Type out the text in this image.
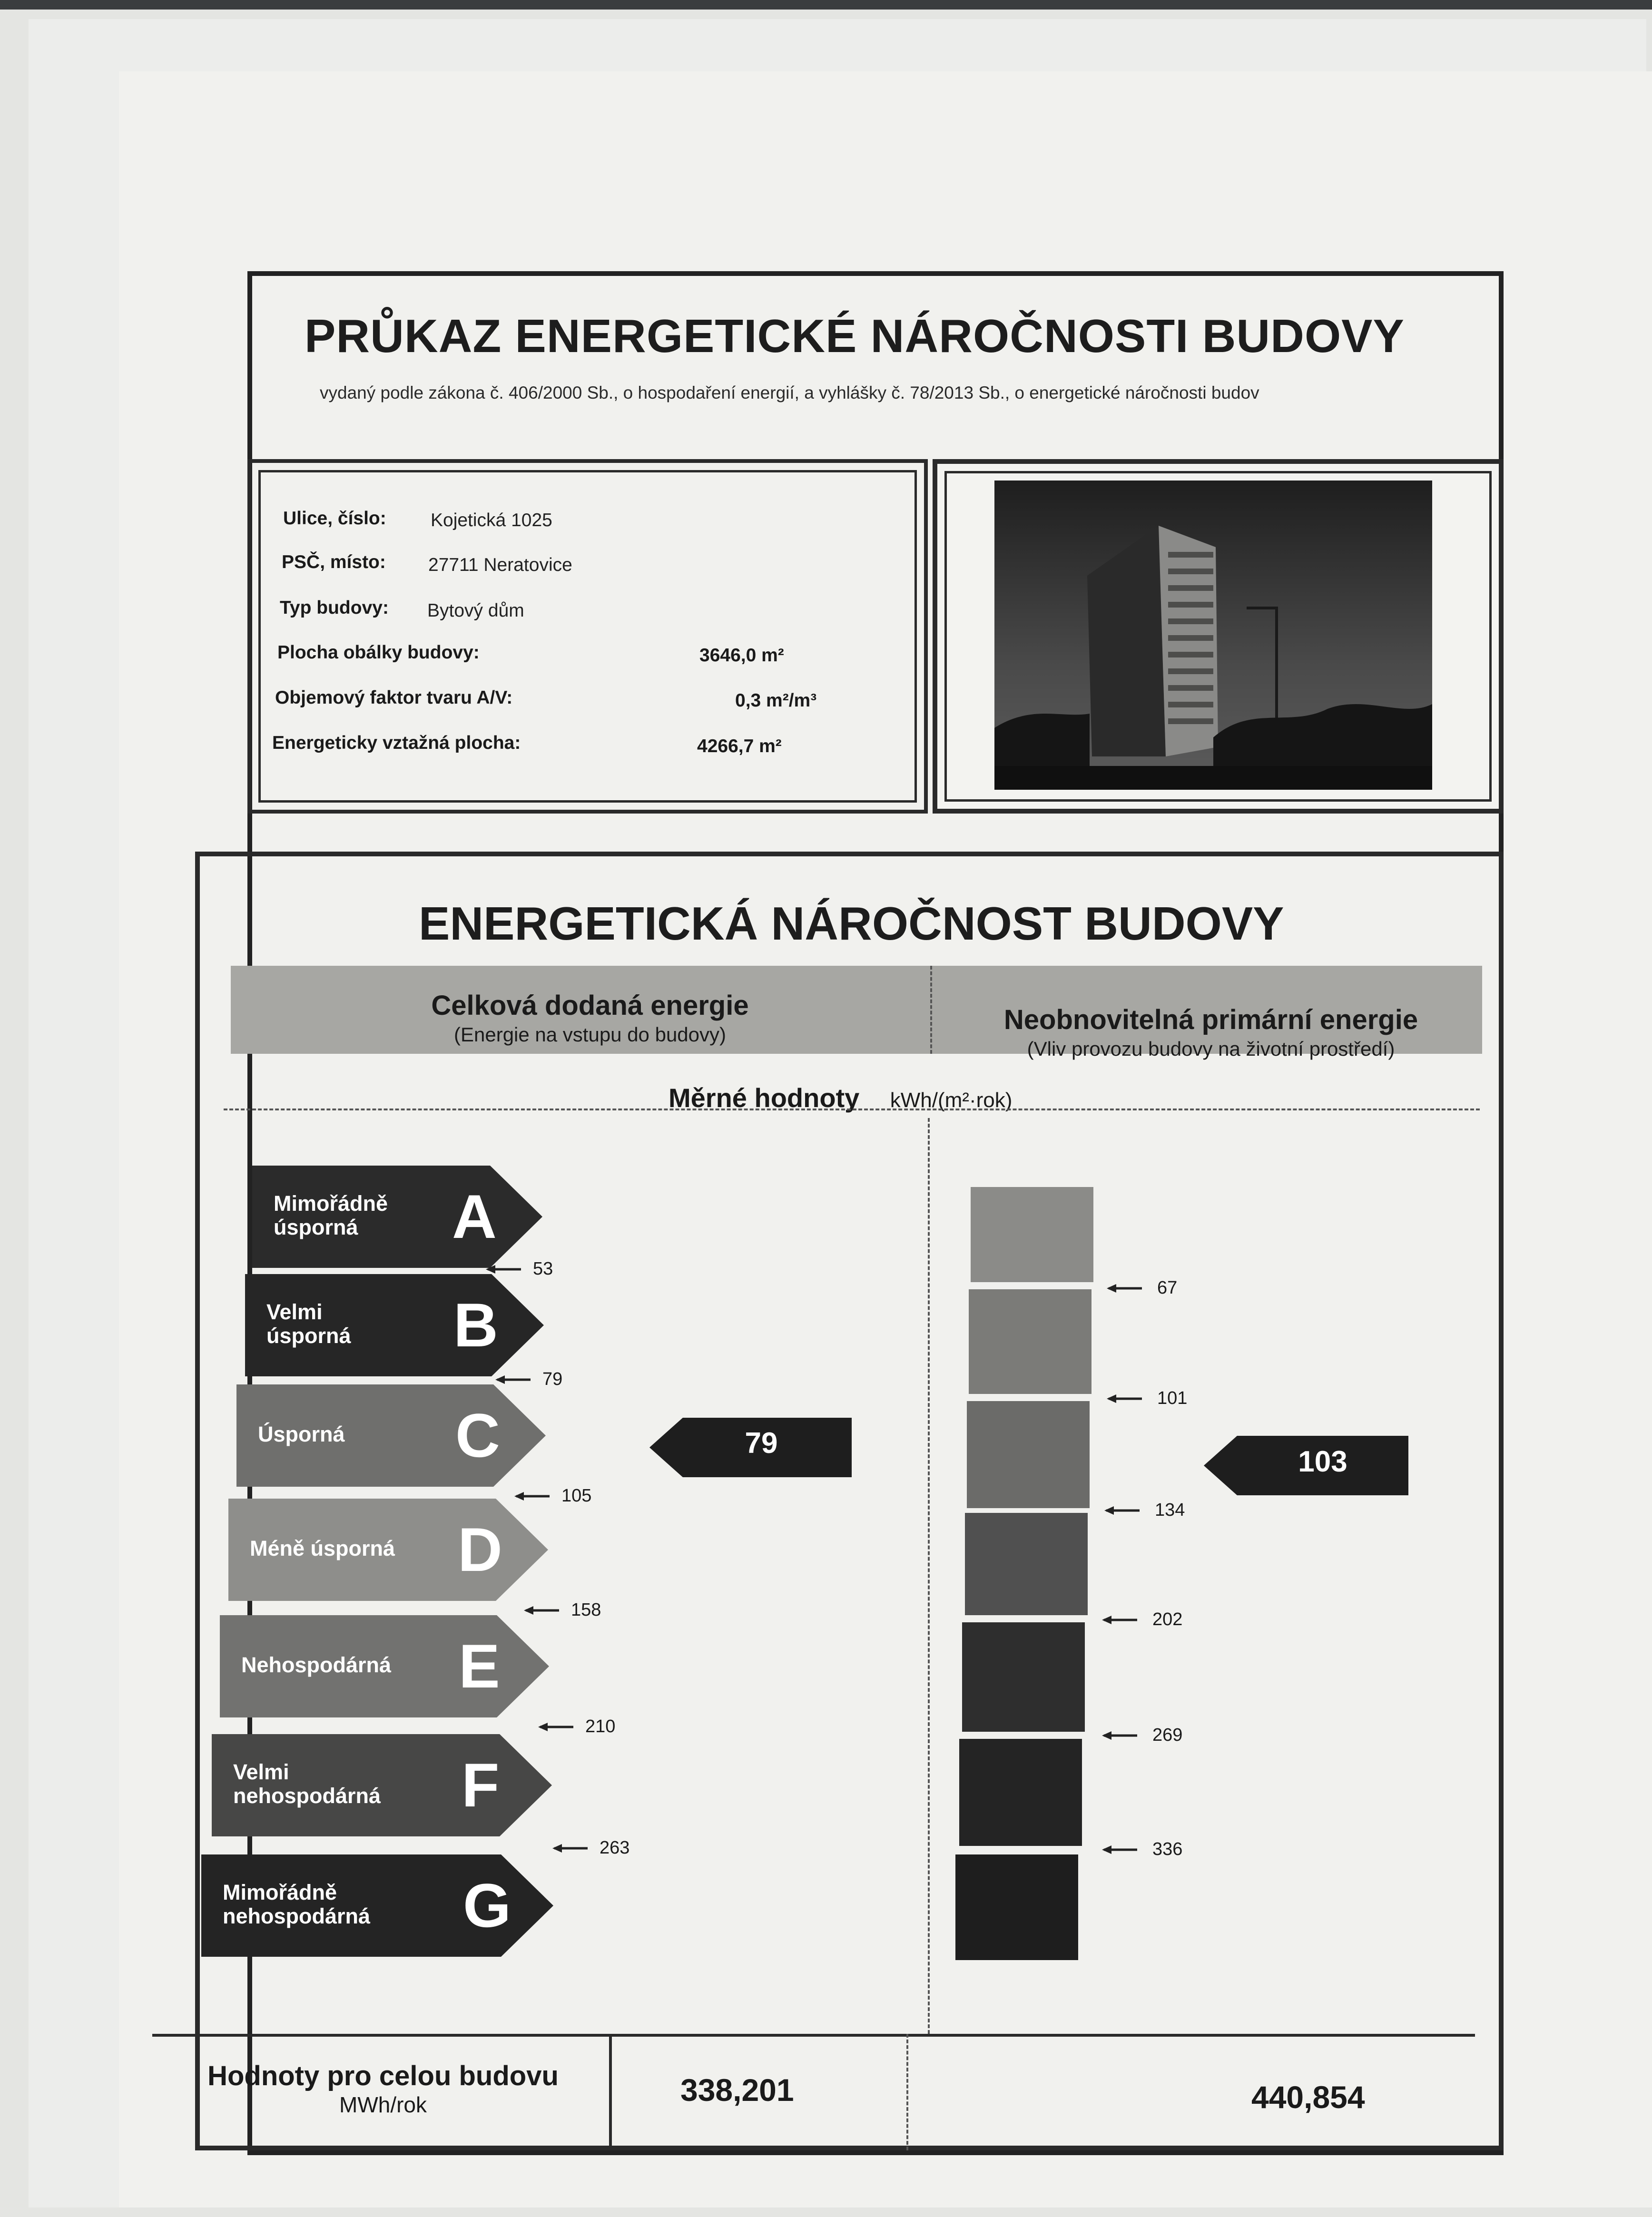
PRŮKAZ ENERGETICKÉ NÁROČNOSTI BUDOVY
vydaný podle zákona č. 406/2000 Sb., o hospodaření energií, a vyhlášky č. 78/2013 Sb., o energetické náročnosti budov
Ulice, číslo: Kojetická 1025
PSČ, místo: 27711 Neratovice
Typ budovy: Bytový dům
Plocha obálky budovy:	3646,0 m²
Objemový faktor tvaru A/V:	0,3 m²/m³
Energeticky vztažná plocha:	4266,7 m²
ENERGETICKÁ NÁROČNOST BUDOVY
Celková dodaná energie
(Energie na vstupu do budovy)	Neobnovitelná primární energie
(Vliv provozu budovy na životní prostředí)
Měrné hodnoty kWh/(m²·rok)
Mimořádně
úsporná A
Velmi
úsporná B
Úsporná C
Méně úsporná D
Nehospodárná E
Velmi
nehospodárná F
Mimořádně
nehospodárná G
53
79
105
158
210
263
67
101
134
202
269
336
79
103
Hodnoty pro celou budovu
MWh/rok	338,201	440,854
